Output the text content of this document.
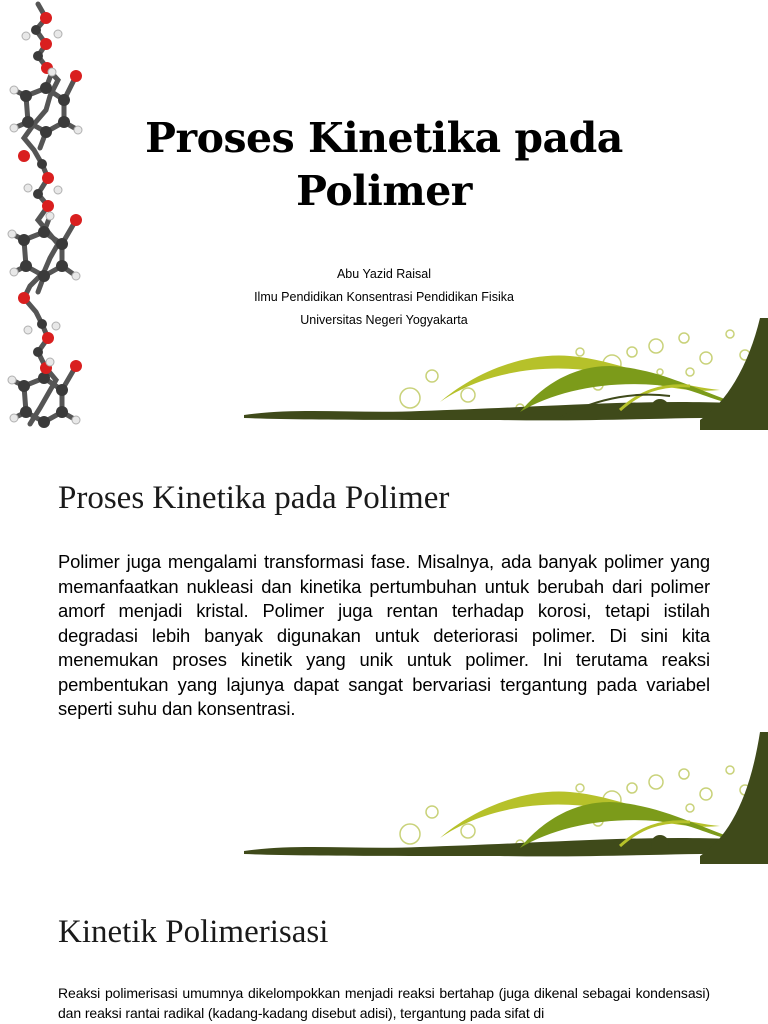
Proses Kinetika pada Polimer
Abu Yazid Raisal
Ilmu Pendidikan Konsentrasi Pendidikan Fisika
Universitas Negeri Yogyakarta
Proses Kinetika pada Polimer

Polimer juga mengalami transformasi fase. Misalnya, ada banyak polimer yang memanfaatkan nukleasi dan kinetika pertumbuhan untuk berubah dari polimer amorf menjadi kristal. Polimer juga rentan terhadap korosi, tetapi istilah degradasi lebih banyak digunakan untuk deteriorasi polimer. Di sini kita menemukan proses kinetik yang unik untuk polimer. Ini terutama reaksi pembentukan yang lajunya dapat sangat bervariasi tergantung pada variabel seperti suhu dan konsentrasi.

Kinetik Polimerisasi

Reaksi polimerisasi umumnya dikelompokkan menjadi reaksi bertahap (juga dikenal sebagai kondensasi) dan reaksi rantai radikal (kadang-kadang disebut adisi), tergantung pada sifat di
